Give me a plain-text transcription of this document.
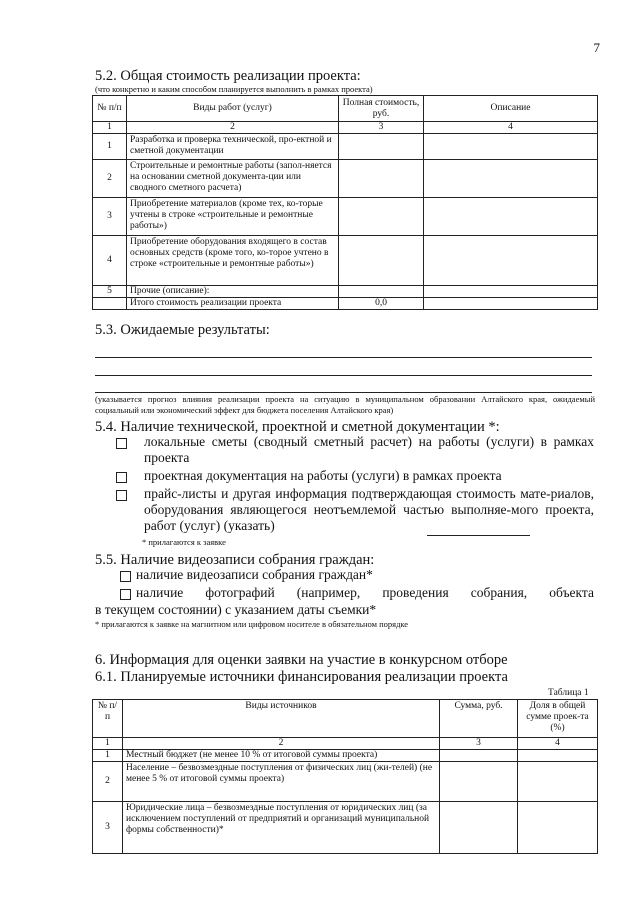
7
5.2. Общая стоимость реализации проекта:
(что конкретно и каким способом планируется выполнить в рамках проекта)
№ п/п	Виды работ (услуг)	Полная стоимость, руб.	Описание
1	2	3	4
1	Разработка и проверка технической, про-ектной и сметной документации		
2	Строительные и ремонтные работы (запол-няется на основании сметной документа-ции или сводного сметного расчета)		
3	Приобретение материалов (кроме тех, ко-торые учтены в строке «строительные и ремонтные работы»)		
4	Приобретение оборудования входящего в состав основных средств (кроме того, ко-торое учтено в строке «строительные и ремонтные работы»)		
5	Прочие (описание):		
	Итого стоимость реализации проекта	0,0	
5.3. Ожидаемые результаты:
(указывается прогноз влияния реализации проекта на ситуацию в муниципальном образовании Алтайского края, ожидаемый социальный или экономический эффект для бюджета поселения Алтайского края)
5.4. Наличие технической, проектной и сметной документации *:
локальные сметы (сводный сметный расчет) на работы (услуги) в рамках проекта
проектная документация на работы (услуги) в рамках проекта
прайс-листы и другая информация подтверждающая стоимость мате-риалов, оборудования являющегося неотъемлемой частью выполняе-мого проекта, работ (услуг) (указать)
* прилагаются к заявке
5.5. Наличие видеозаписи собрания граждан:
наличие видеозаписи собрания граждан*
наличие фотографий (например, проведения собрания, объекта
в текущем состоянии) с указанием даты съемки*
* прилагаются к заявке на магнитном или цифровом носителе в обязательном порядке
6. Информация для оценки заявки на участие в конкурсном отборе
6.1. Планируемые источники финансирования реализации проекта
Таблица 1
№ п/п	Виды источников	Сумма, руб.	Доля в общей сумме проек-та (%)
1	2	3	4
1	Местный бюджет (не менее 10 % от итоговой суммы проекта)		
2	Население – безвозмездные поступления от физических лиц (жи-телей) (не менее 5 % от итоговой суммы проекта)		
3	Юридические лица – безвозмездные поступления от юридических лиц (за исключением поступлений от предприятий и организаций муниципальной формы собственности)*		
